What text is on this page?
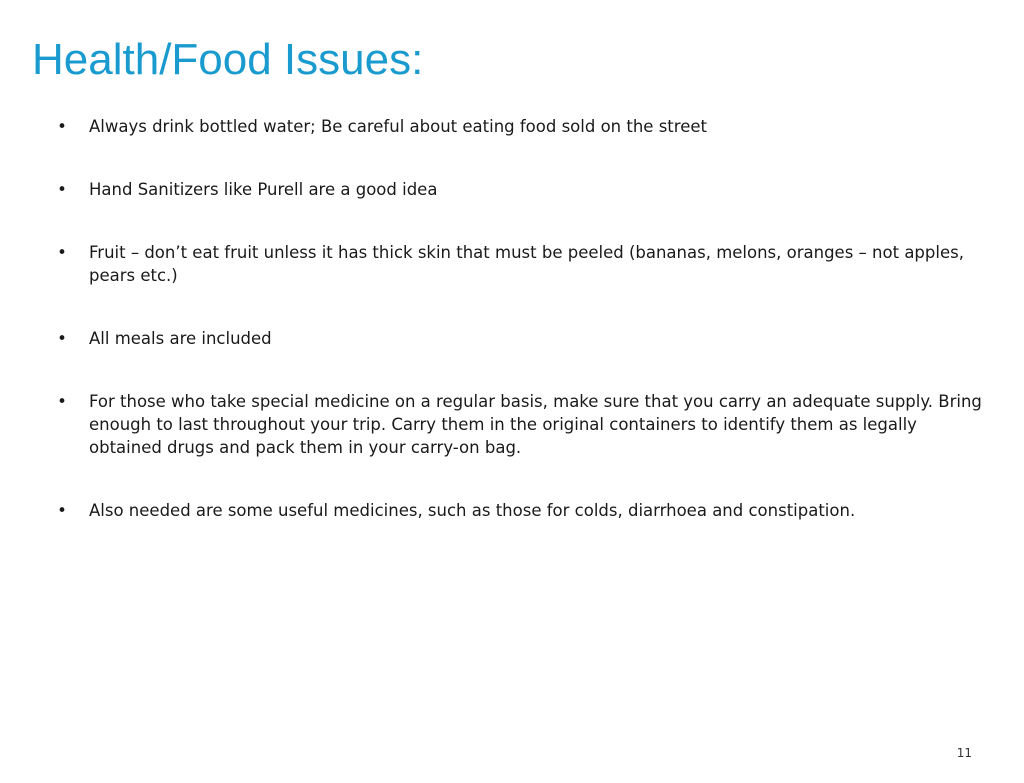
Health/Food Issues:
• Always drink bottled water; Be careful about eating food sold on the street
• Hand Sanitizers like Purell are a good idea
• Fruit – don’t eat fruit unless it has thick skin that must be peeled (bananas, melons, oranges – not apples, pears etc.)
• All meals are included
• For those who take special medicine on a regular basis, make sure that you carry an adequate supply. Bring enough to last throughout your trip. Carry them in the original containers to identify them as legally obtained drugs and pack them in your carry-on bag.
• Also needed are some useful medicines, such as those for colds, diarrhoea and constipation.
11
